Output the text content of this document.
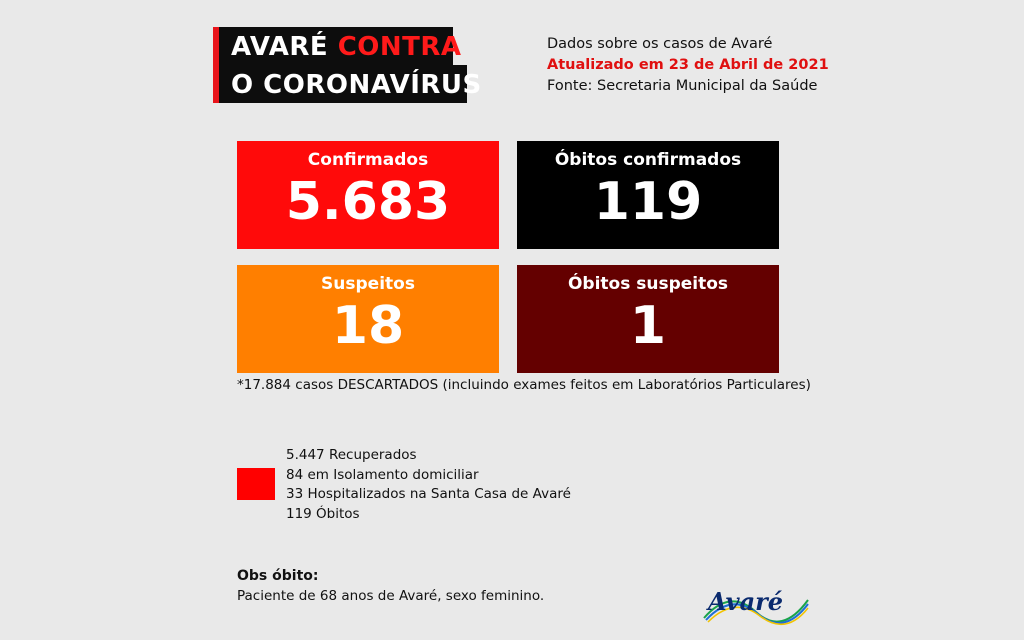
AVARÉ CONTRA
O CORONAVÍRUS
Dados sobre os casos de Avaré
Atualizado em 23 de Abril de 2021
Fonte: Secretaria Municipal da Saúde
Confirmados
5.683
Óbitos confirmados
119
Suspeitos
18
Óbitos suspeitos
1
*17.884 casos DESCARTADOS (incluindo exames feitos em Laboratórios Particulares)
5.447 Recuperados
84 em Isolamento domiciliar
33 Hospitalizados na Santa Casa de Avaré
119 Óbitos
Obs óbito:
Paciente de 68 anos de Avaré, sexo feminino.	Avaré
